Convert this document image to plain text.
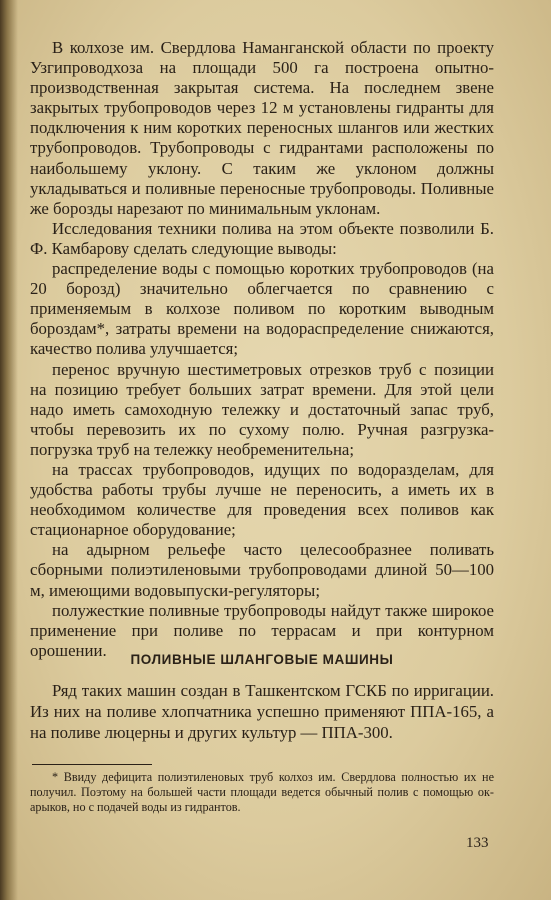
В колхозе им. Свердлова Наманганской области по проекту Узгипроводхоза на площади 500 га построена опытно-производственная закрытая система. На последнем звене закрытых трубопроводов через 12 м установлены гидранты для подключения к ним коротких переносных шлангов или жестких трубопроводов. Трубопроводы с гидрантами расположены по наибольшему уклону. С таким же уклоном должны укладываться и поливные переносные трубопроводы. Поливные же борозды нарезают по минимальным уклонам.

Исследования техники полива на этом объекте позволили Б. Ф. Камбарову сделать следующие выводы:

распределение воды с помощью коротких трубопроводов (на 20 борозд) значительно облегчается по сравнению с применяемым в колхозе поливом по коротким выводным бороздам*, затраты времени на водораспределение снижаются, качество полива улучшается;

перенос вручную шестиметровых отрезков труб с позиции на позицию требует больших затрат времени. Для этой цели надо иметь самоходную тележку и достаточный запас труб, чтобы перевозить их по сухому полю. Ручная разгрузка-погрузка труб на тележку необременительна;

на трассах трубопроводов, идущих по водоразделам, для удобства работы трубы лучше не переносить, а иметь их в необходимом количестве для проведения всех поливов как стационарное оборудование;

на адырном рельефе часто целесообразнее поливать сборными полиэтиленовыми трубопроводами длиной 50—100 м, имеющими водовыпуски-регуляторы;

полужесткие поливные трубопроводы найдут также широкое применение при поливе по террасам и при контурном орошении.	ПОЛИВНЫЕ ШЛАНГОВЫЕ МАШИНЫ

Ряд таких машин создан в Ташкентском ГСКБ по ирригации. Из них на поливе хлопчатника успешно применяют ППА-165, а на поливе люцерны и других культур — ППА-300.

* Ввиду дефицита полиэтиленовых труб колхоз им. Свердлова полностью их не получил. Поэтому на большей части площади ведется обычный полив с помощью ок-арыков, но с подачей воды из гидрантов.

133
